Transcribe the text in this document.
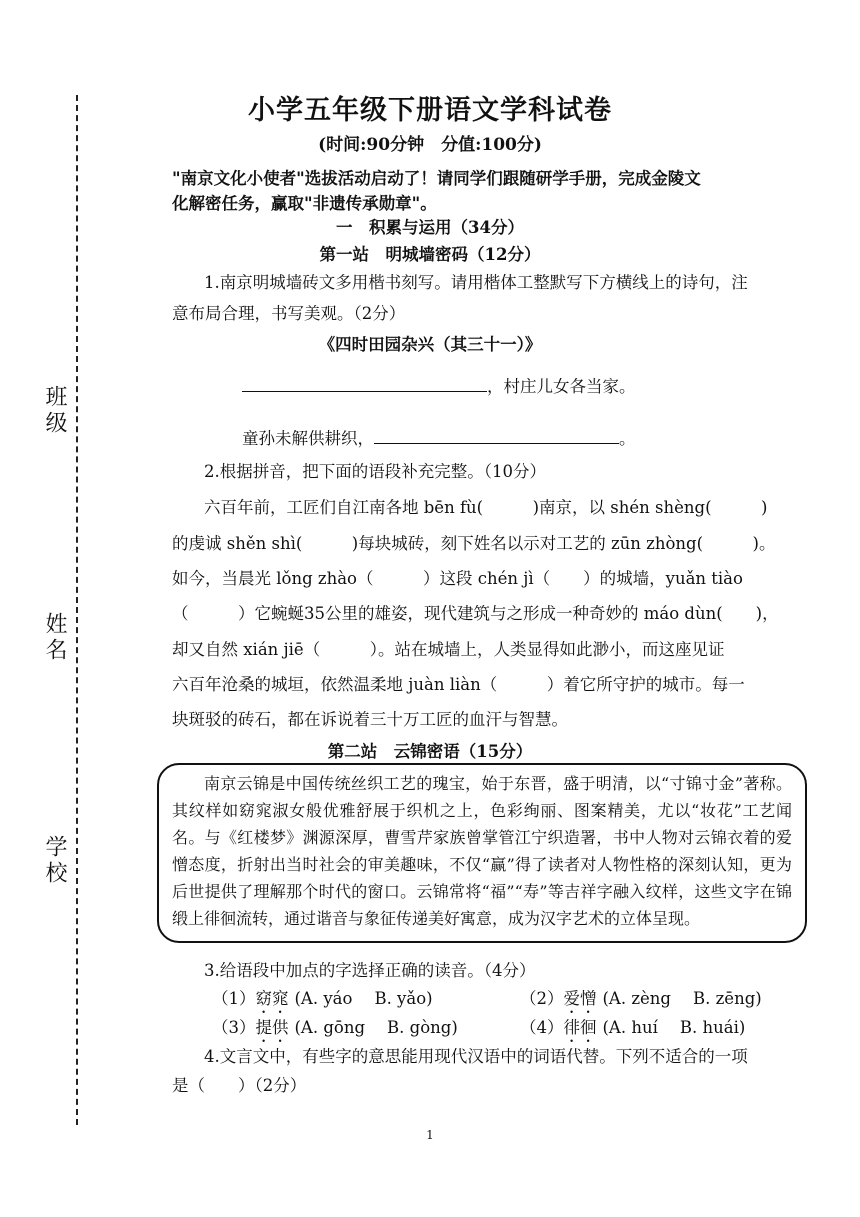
班级
姓名
学校
小学五年级下册语文学科试卷
(时间:90分钟　分值:100分)
"南京文化小使者"选拔活动启动了！请同学们跟随研学手册，完成金陵文
化解密任务，赢取"非遗传承勋章"。
一　积累与运用（34分）
第一站　明城墙密码（12分）
1.南京明城墙砖文多用楷书刻写。请用楷体工整默写下方横线上的诗句，注
意布局合理，书写美观。（2分）
《四时田园杂兴（其三十一）》
，村庄儿女各当家。
童孙未解供耕织，	。
2.根据拼音，把下面的语段补充完整。（10分）
六百年前，工匠们自江南各地 bēn fù(　　　)南京，以 shén shèng(　　　)
的虔诚 shěn shì(　　　)每块城砖，刻下姓名以示对工艺的 zūn zhòng(　　　)。
如今，当晨光 lǒng zhào（　　　）这段 chén jì（　　）的城墙，yuǎn tiào
（　　　）它蜿蜒35公里的雄姿，现代建筑与之形成一种奇妙的 máo dùn(　　)，
却又自然 xián jiē（　　　）。站在城墙上，人类显得如此渺小，而这座见证
六百年沧桑的城垣，依然温柔地 juàn liàn（　　　）着它所守护的城市。每一
块斑驳的砖石，都在诉说着三十万工匠的血汗与智慧。
第二站　云锦密语（15分）
南京云锦是中国传统丝织工艺的瑰宝，始于东晋，盛于明清，以“寸锦寸金”著称。其纹样如窈窕淑女般优雅舒展于织机之上，色彩绚丽、图案精美，尤以“妆花”工艺闻名。与《红楼梦》渊源深厚，曹雪芹家族曾掌管江宁织造署，书中人物对云锦衣着的爱憎态度，折射出当时社会的审美趣味，不仅“赢”得了读者对人物性格的深刻认知，更为后世提供了理解那个时代的窗口。云锦常将“福”“寿”等吉祥字融入纹样，这些文字在锦缎上徘徊流转，通过谐音与象征传递美好寓意，成为汉字艺术的立体呈现。
3.给语段中加点的字选择正确的读音。（4分）
（1）窈窕 (A. yáo B. yǎo)	（2）爱憎 (A. zèng B. zēng)
（3）提供 (A. gōng B. gòng)	（4）徘徊 (A. huí B. huái)
4.文言文中，有些字的意思能用现代汉语中的词语代替。下列不适合的一项
是（　　）（2分）
1
